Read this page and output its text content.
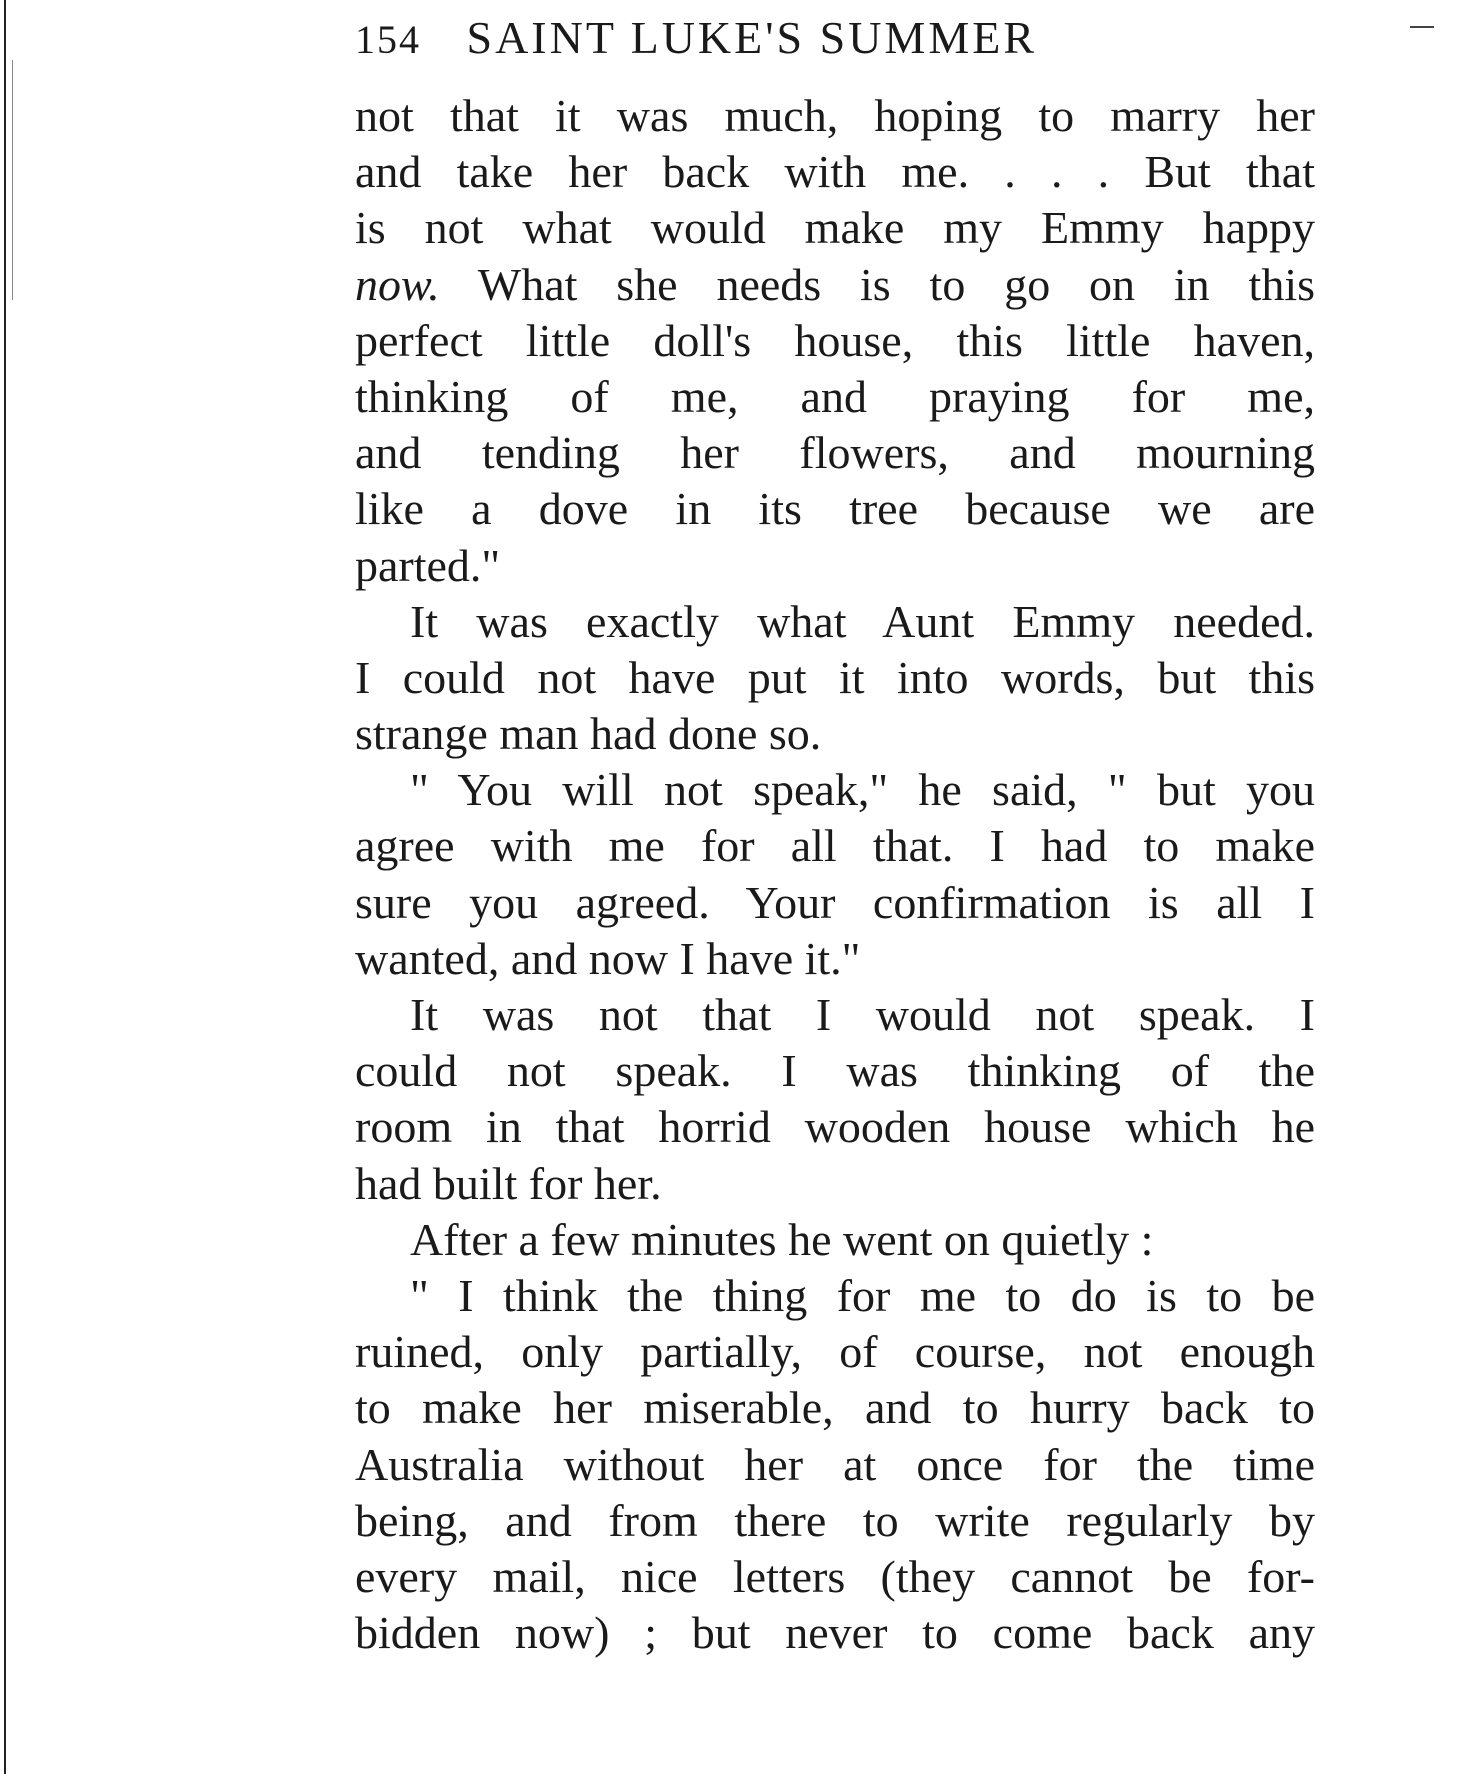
154 SAINT LUKE'S SUMMER
not that it was much, hoping to marry her
and take her back with me. . . . But that
is not what would make my Emmy happy
now. What she needs is to go on in this
perfect little doll's house, this little haven,
thinking of me, and praying for me,
and tending her flowers, and mourning
like a dove in its tree because we are
parted."
It was exactly what Aunt Emmy needed.
I could not have put it into words, but this
strange man had done so.
" You will not speak," he said, " but you
agree with me for all that. I had to make
sure you agreed. Your confirmation is all I
wanted, and now I have it."
It was not that I would not speak. I
could not speak. I was thinking of the
room in that horrid wooden house which he
had built for her.
After a few minutes he went on quietly :
" I think the thing for me to do is to be
ruined, only partially, of course, not enough
to make her miserable, and to hurry back to
Australia without her at once for the time
being, and from there to write regularly by
every mail, nice letters (they cannot be for-
bidden now) ; but never to come back any
